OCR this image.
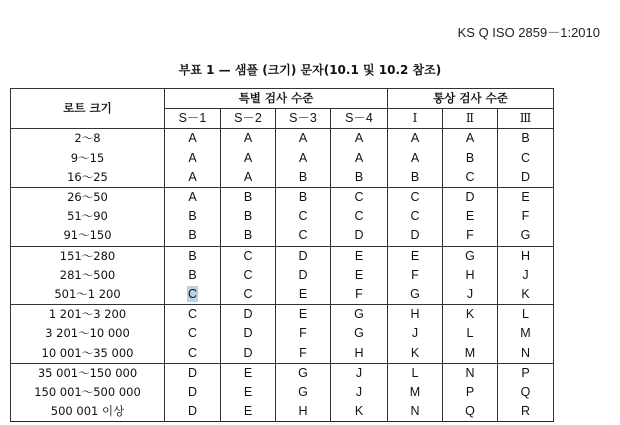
KS Q ISO 2859－1:2010
부표 1 — 샘플 (크기) 문자(10.1 및 10.2 참조)
로트 크기	특별 검사 수준				통상 검사 수준		
	S－1	S－2	S－3	S－4	Ⅰ	Ⅱ	Ⅲ
2～8	A	A	A	A	A	A	B
9～15	A	A	A	A	A	B	C
16～25	A	A	B	B	B	C	D
26～50	A	B	B	C	C	D	E
51～90	B	B	C	C	C	E	F
91～150	B	B	C	D	D	F	G
151～280	B	C	D	E	E	G	H
281～500	B	C	D	E	F	H	J
501～1 200	C	C	E	F	G	J	K
1 201～3 200	C	D	E	G	H	K	L
3 201～10 000	C	D	F	G	J	L	M
10 001～35 000	C	D	F	H	K	M	N
35 001～150 000	D	E	G	J	L	N	P
150 001～500 000	D	E	G	J	M	P	Q
500 001 이상	D	E	H	K	N	Q	R
